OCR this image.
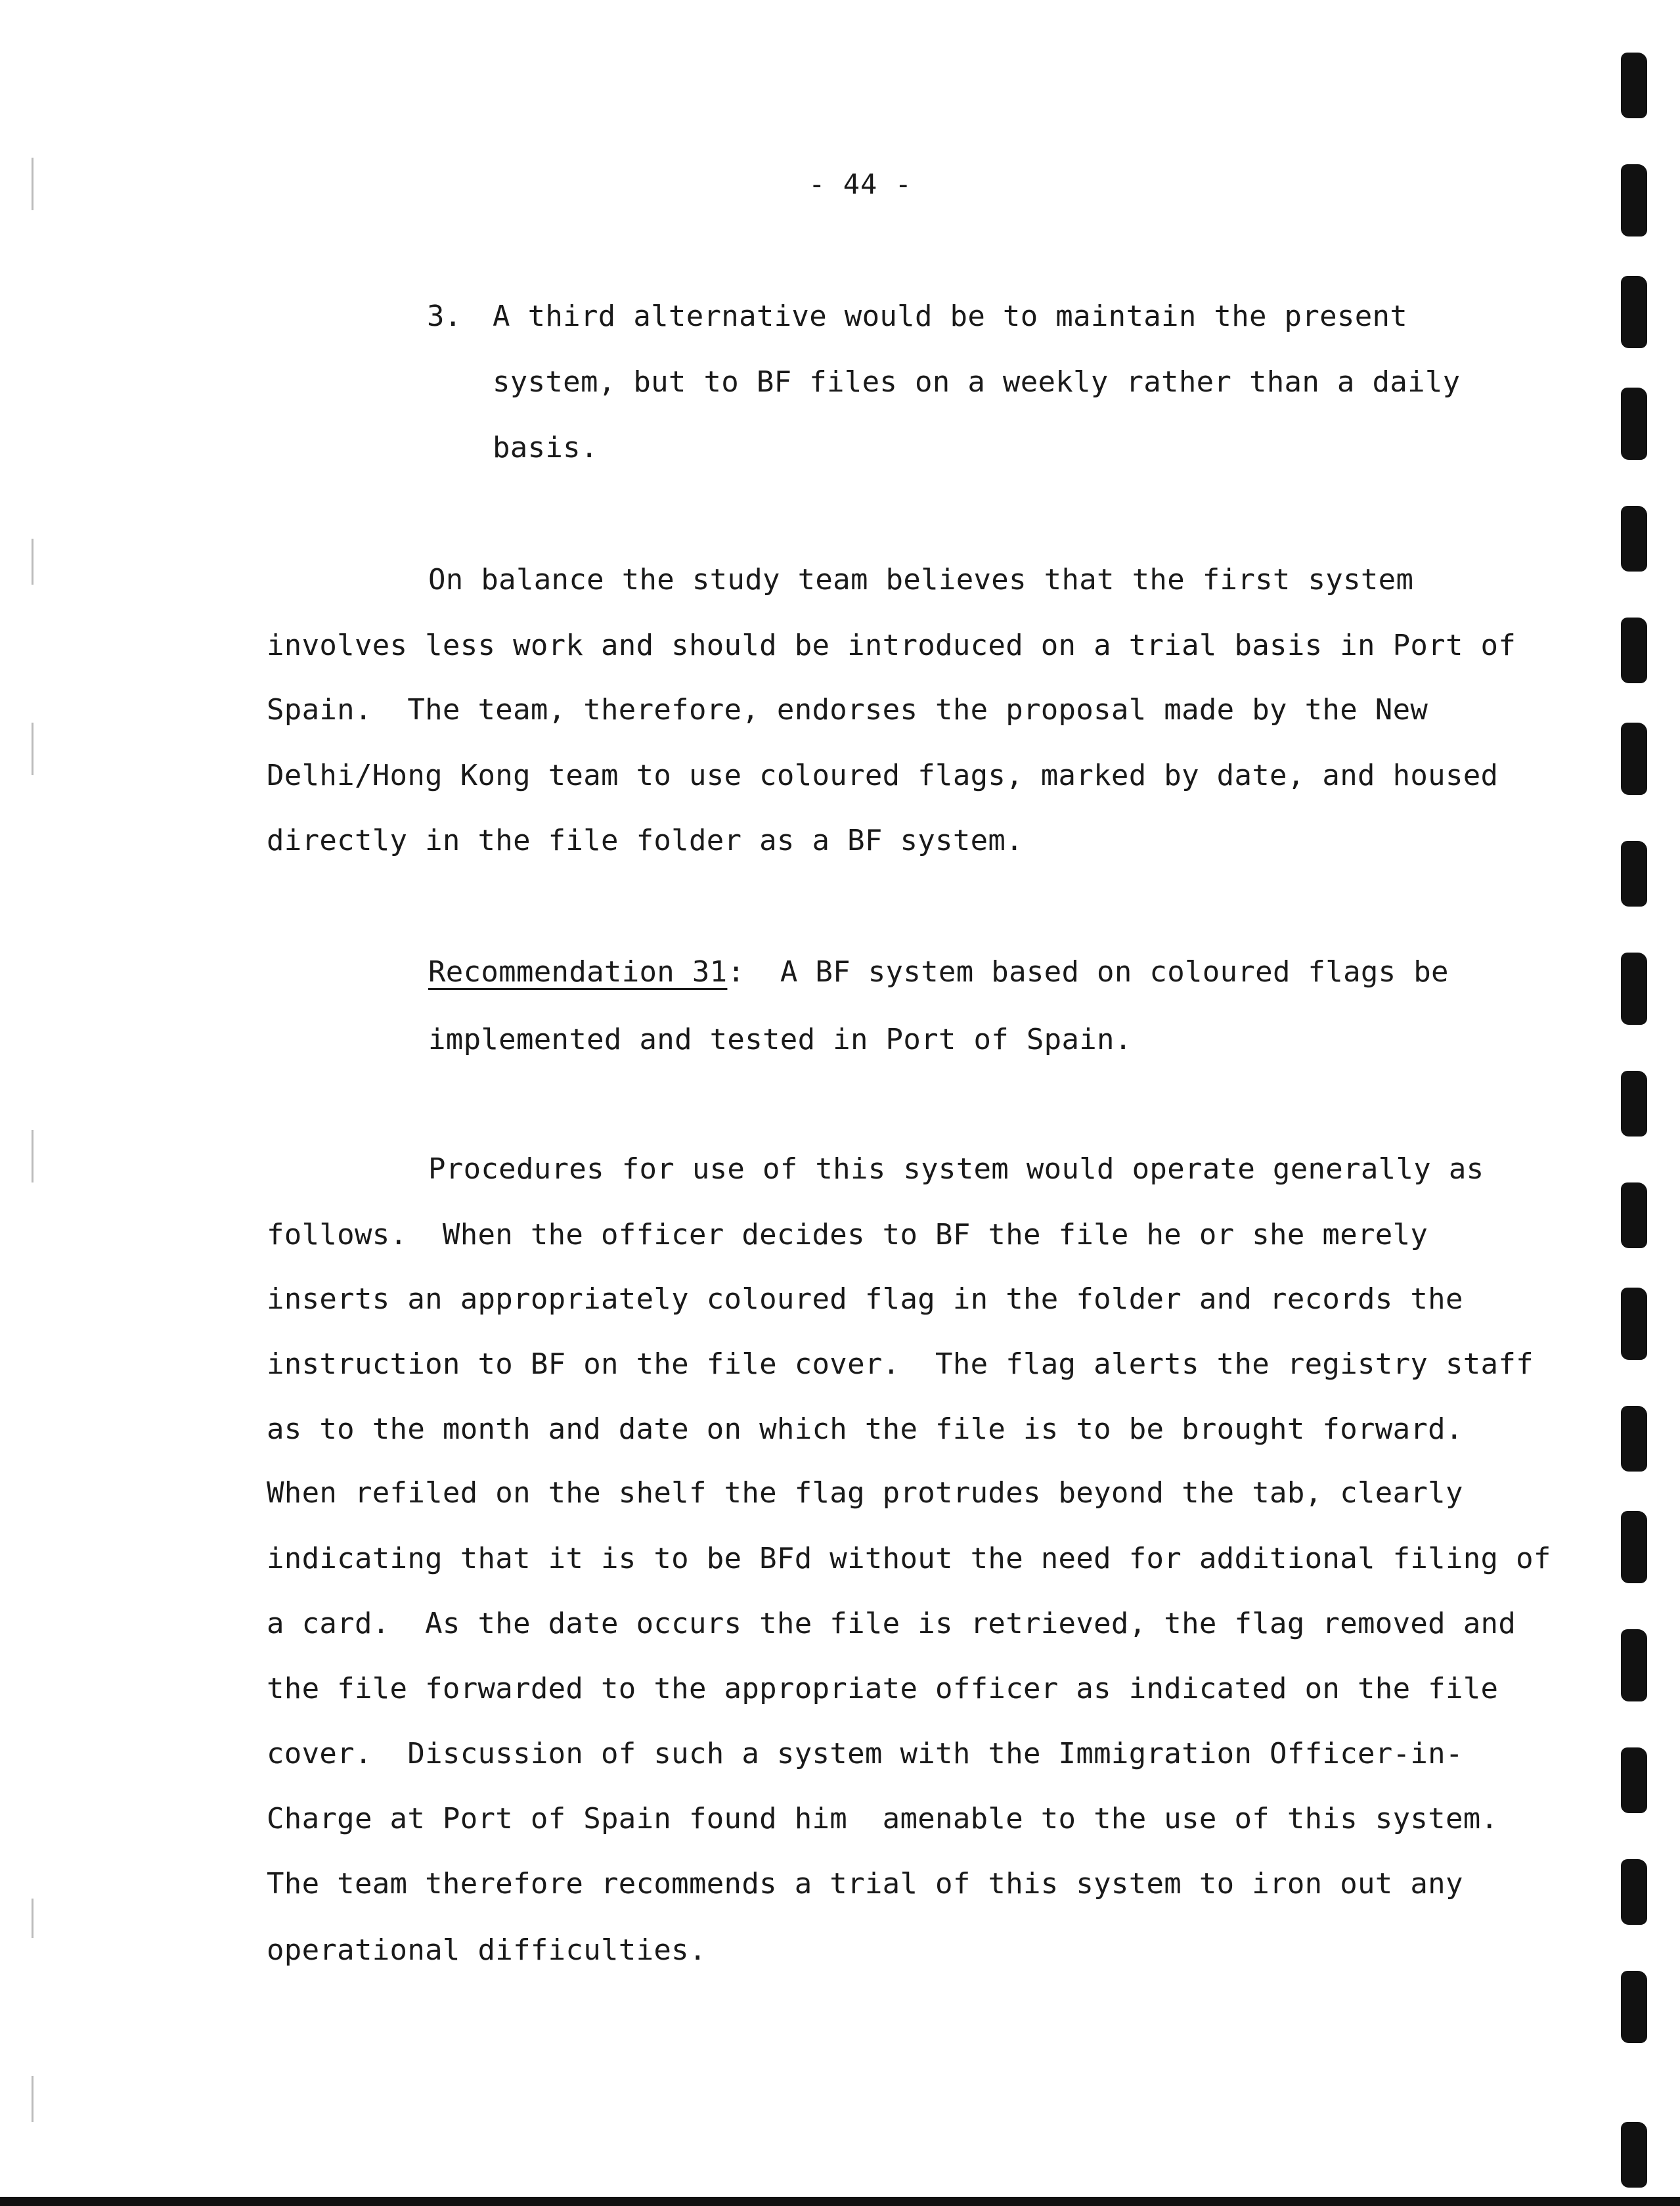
- 44 -
3. A third alternative would be to maintain the present
system, but to BF files on a weekly rather than a daily
basis.
On balance the study team believes that the first system
involves less work and should be introduced on a trial basis in Port of
Spain.  The team, therefore, endorses the proposal made by the New
Delhi/Hong Kong team to use coloured flags, marked by date, and housed
directly in the file folder as a BF system.
Recommendation 31:  A BF system based on coloured flags be
implemented and tested in Port of Spain.
Procedures for use of this system would operate generally as
follows.  When the officer decides to BF the file he or she merely
inserts an appropriately coloured flag in the folder and records the
instruction to BF on the file cover.  The flag alerts the registry staff
as to the month and date on which the file is to be brought forward.
When refiled on the shelf the flag protrudes beyond the tab, clearly
indicating that it is to be BFd without the need for additional filing of
a card.  As the date occurs the file is retrieved, the flag removed and
the file forwarded to the appropriate officer as indicated on the file
cover.  Discussion of such a system with the Immigration Officer-in-
Charge at Port of Spain found him  amenable to the use of this system.
The team therefore recommends a trial of this system to iron out any
operational difficulties.
